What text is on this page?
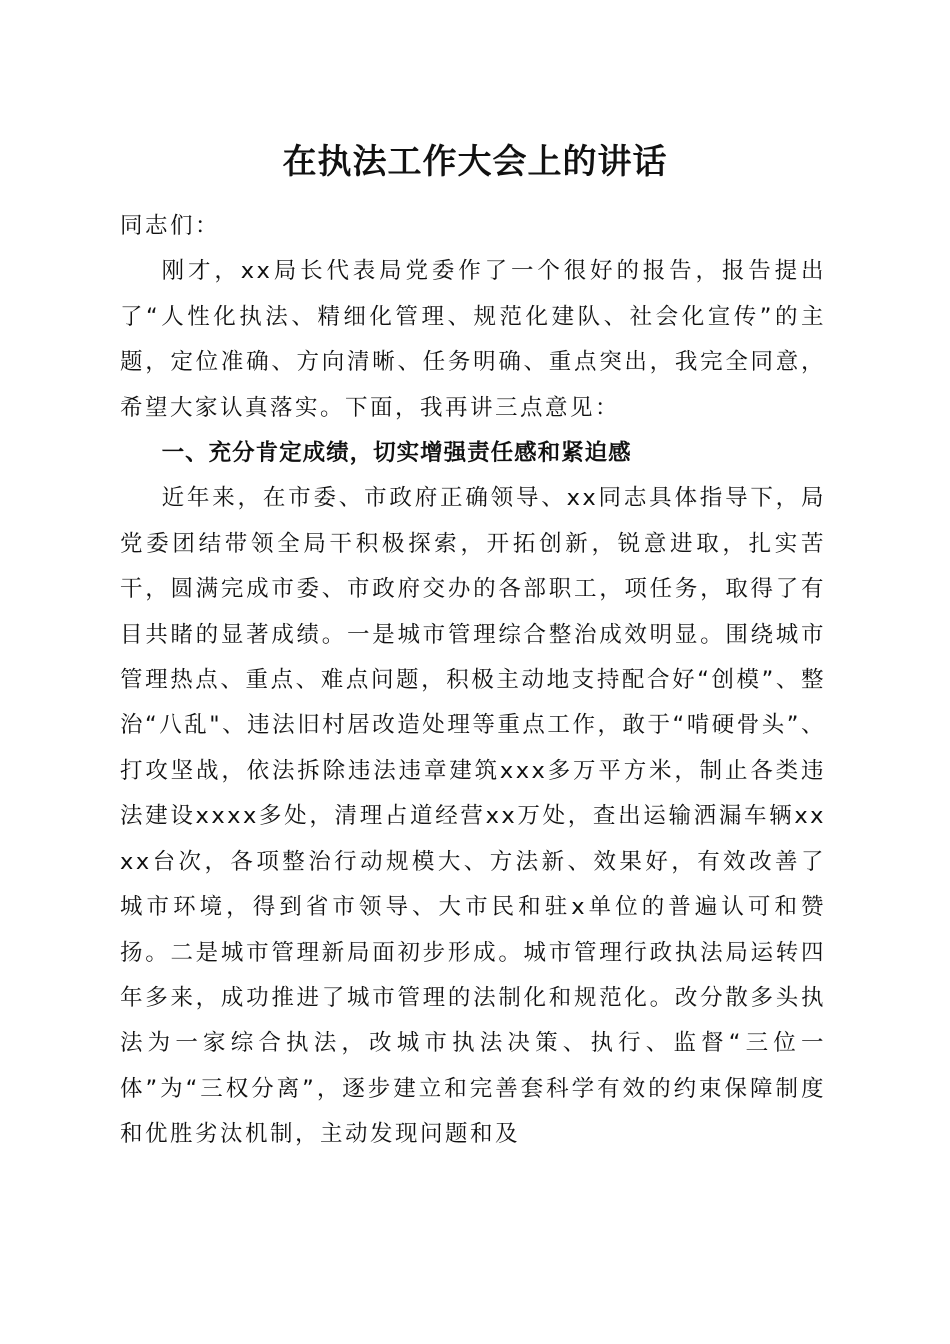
在执法工作大会上的讲话

同志们：

刚才，xx局长代表局党委作了一个很好的报告，报告提出了“人性化执法、精细化管理、规范化建队、社会化宣传”的主题，定位准确、方向清晰、任务明确、重点突出，我完全同意，希望大家认真落实。下面，我再讲三点意见：

一、充分肯定成绩，切实增强责任感和紧迫感

近年来，在市委、市政府正确领导、xx同志具体指导下，局党委团结带领全局干积极探索，开拓创新，锐意进取，扎实苦干，圆满完成市委、市政府交办的各部职工，项任务，取得了有目共睹的显著成绩。一是城市管理综合整治成效明显。围绕城市管理热点、重点、难点问题，积极主动地支持配合好“创模”、整治“八乱"、违法旧村居改造处理等重点工作，敢于“啃硬骨头”、打攻坚战，依法拆除违法违章建筑xxx多万平方米，制止各类违法建设xxxx多处，清理占道经营xx万处，查出运输洒漏车辆xxxx台次，各项整治行动规模大、方法新、效果好，有效改善了城市环境，得到省市领导、大市民和驻x单位的普遍认可和赞扬。二是城市管理新局面初步形成。城市管理行政执法局运转四年多来，成功推进了城市管理的法制化和规范化。改分散多头执法为一家综合执法，改城市执法决策、执行、监督“三位一体”为“三权分离”，逐步建立和完善套科学有效的约束保障制度和优胜劣汰机制，主动发现问题和及
